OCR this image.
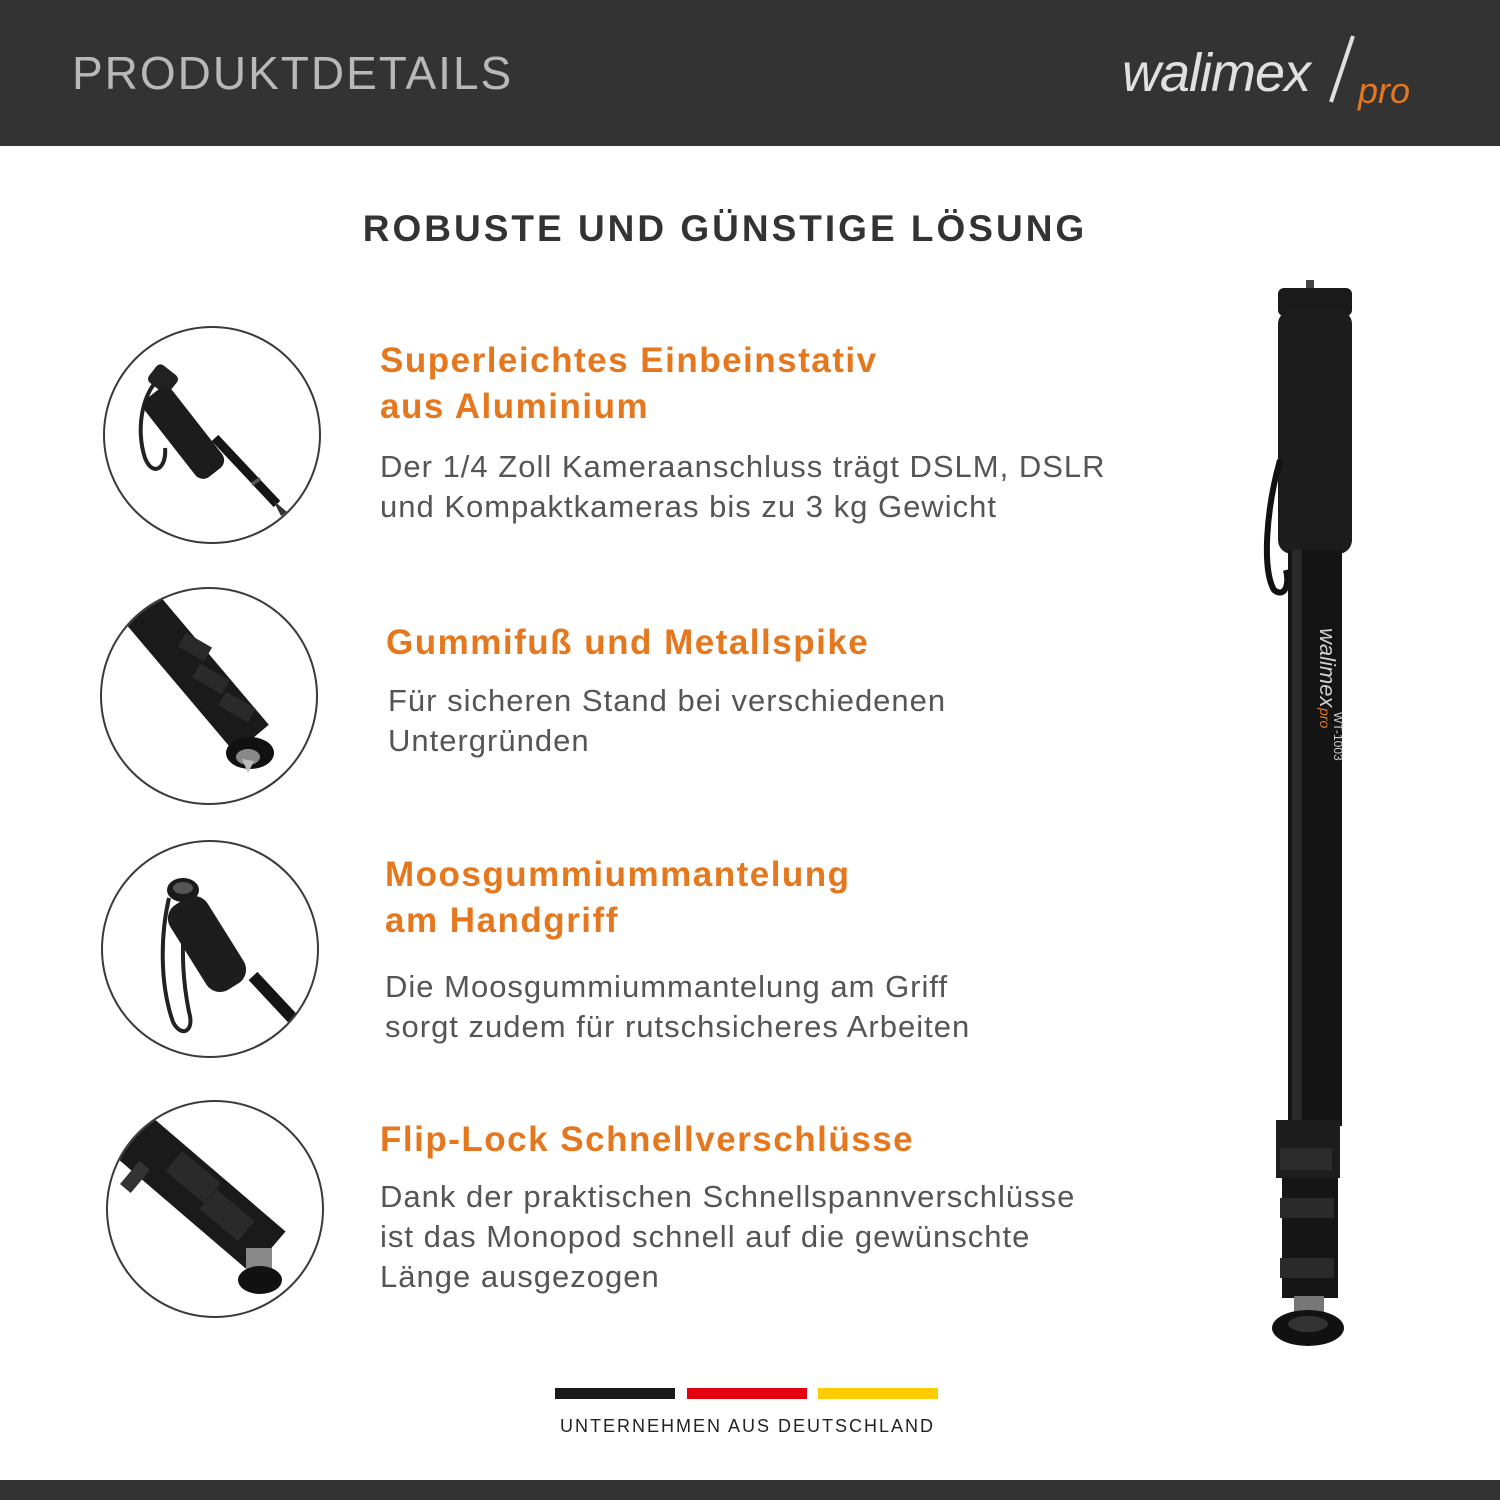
PRODUKTDETAILS	walimex pro
ROBUSTE UND GÜNSTIGE LÖSUNG
Superleichtes Einbeinstativ
aus Aluminium
Der 1/4 Zoll Kameraanschluss trägt DSLM, DSLR
und Kompaktkameras bis zu 3 kg Gewicht
Gummifuß und Metallspike
Für sicheren Stand bei verschiedenen
Untergründen
Moosgummiummantelung
am Handgriff
Die Moosgummiummantelung am Griff
sorgt zudem für rutschsicheres Arbeiten
Flip-Lock Schnellverschlüsse
Dank der praktischen Schnellspannverschlüsse
ist das Monopod schnell auf die gewünschte
Länge ausgezogen
walimex
pro
WT-1003
UNTERNEHMEN AUS DEUTSCHLAND
